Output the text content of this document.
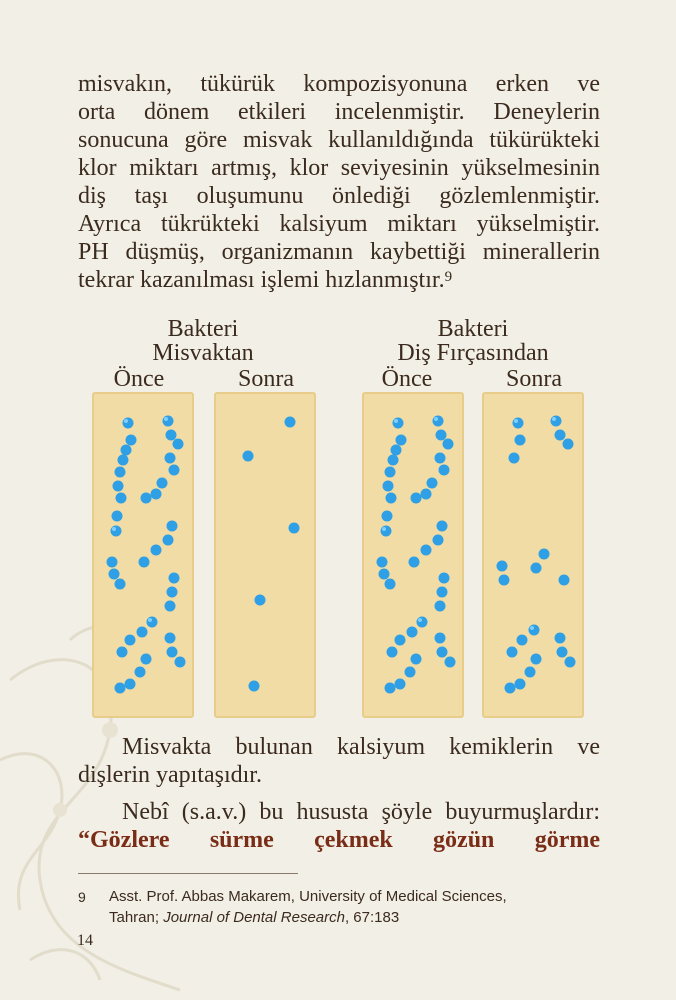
misvakın, tükürük kompozisyonuna erken ve
orta dönem etkileri incelenmiştir. Deneylerin
sonucuna göre misvak kullanıldığında tükürükteki
klor miktarı artmış, klor seviyesinin yükselmesinin
diş taşı oluşumunu önlediği gözlemlenmiştir.
Ayrıca tükrükteki kalsiyum miktarı yükselmiştir.
PH düşmüş, organizmanın kaybettiği minerallerin
tekrar kazanılması işlemi hızlanmıştır.$^9$
Bakteri
Misvaktan
Önce	Sonra
Bakteri
Diş Fırçasından
Önce	Sonra
Misvakta bulunan kalsiyum kemiklerin ve
dişlerin yapıtaşıdır.
Nebî (s.a.v.) bu hususta şöyle buyurmuşlardır:
“Gözlere sürme çekmek gözün görme
9 Asst. Prof. Abbas Makarem, University of Medical Sciences,
Tahran; Journal of Dental Research, 67:183
14
